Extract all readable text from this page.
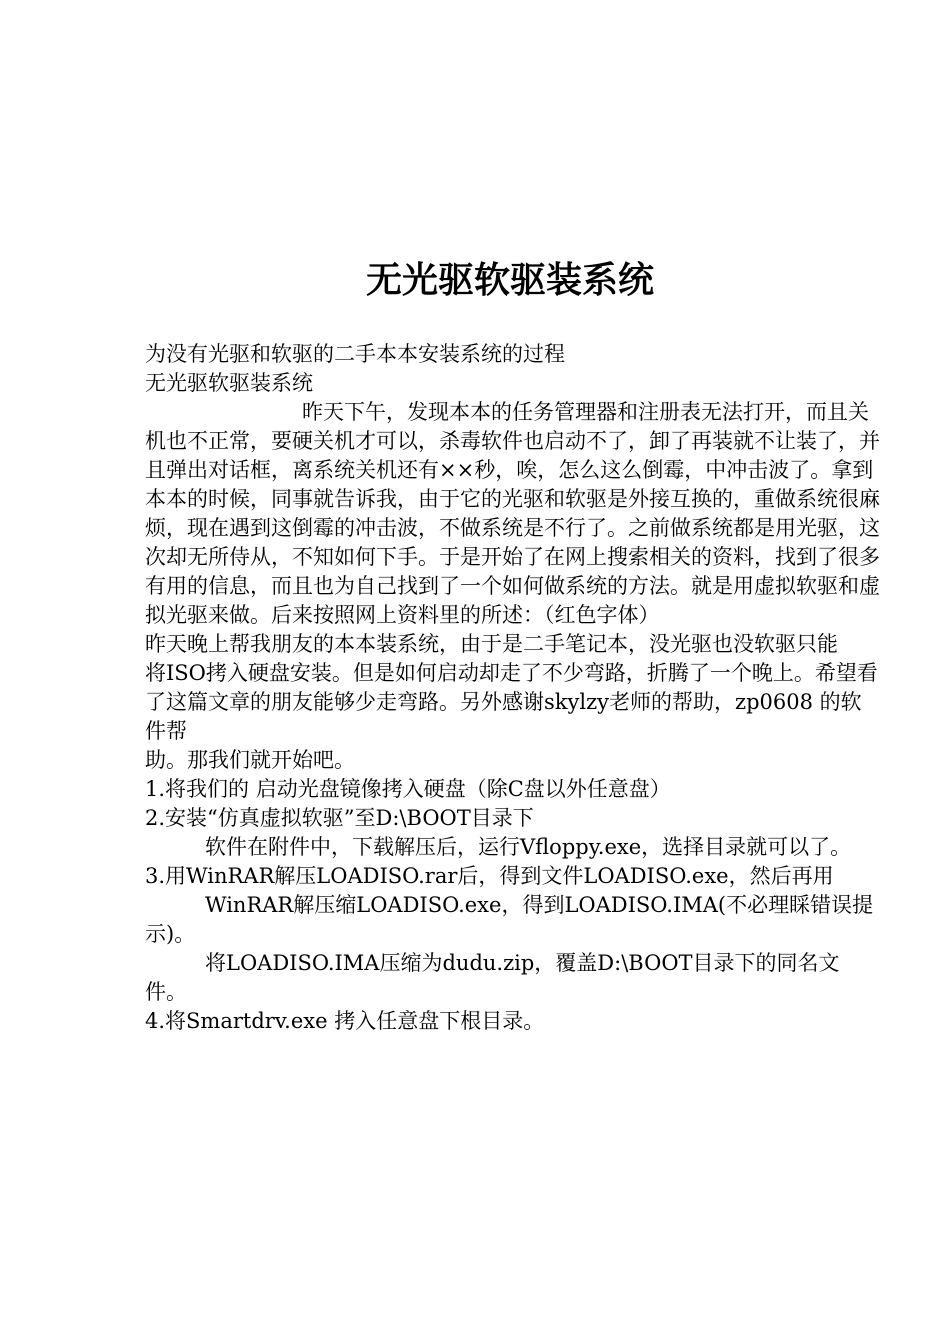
无光驱软驱装系统

为没有光驱和软驱的二手本本安装系统的过程

无光驱软驱装系统

昨天下午，发现本本的任务管理器和注册表无法打开，而且关机也不正常，要硬关机才可以，杀毒软件也启动不了，卸了再装就不让装了，并且弹出对话框，离系统关机还有××秒，唉，怎么这么倒霉，中冲击波了。拿到本本的时候，同事就告诉我，由于它的光驱和软驱是外接互换的，重做系统很麻烦，现在遇到这倒霉的冲击波，不做系统是不行了。之前做系统都是用光驱，这次却无所侍从，不知如何下手。于是开始了在网上搜索相关的资料，找到了很多有用的信息，而且也为自己找到了一个如何做系统的方法。就是用虚拟软驱和虚拟光驱来做。后来按照网上资料里的所述：（红色字体）

昨天晚上帮我朋友的本本装系统，由于是二手笔记本，没光驱也没软驱只能

将ISO拷入硬盘安装。但是如何启动却走了不少弯路，折腾了一个晚上。希望看

了这篇文章的朋友能够少走弯路。另外感谢skylzy老师的帮助，zp0608 的软件帮

助。那我们就开始吧。

1.将我们的 启动光盘镜像拷入硬盘（除C盘以外任意盘）

2.安装“仿真虚拟软驱”至D:\BOOT目录下

软件在附件中，下载解压后，运行Vfloppy.exe，选择目录就可以了。

3.用WinRAR解压LOADISO.rar后，得到文件LOADISO.exe，然后再用

WinRAR解压缩LOADISO.exe，得到LOADISO.IMA(不必理睬错误提示)。

将LOADISO.IMA压缩为dudu.zip，覆盖D:\BOOT目录下的同名文件。

4.将Smartdrv.exe 拷入任意盘下根目录。
